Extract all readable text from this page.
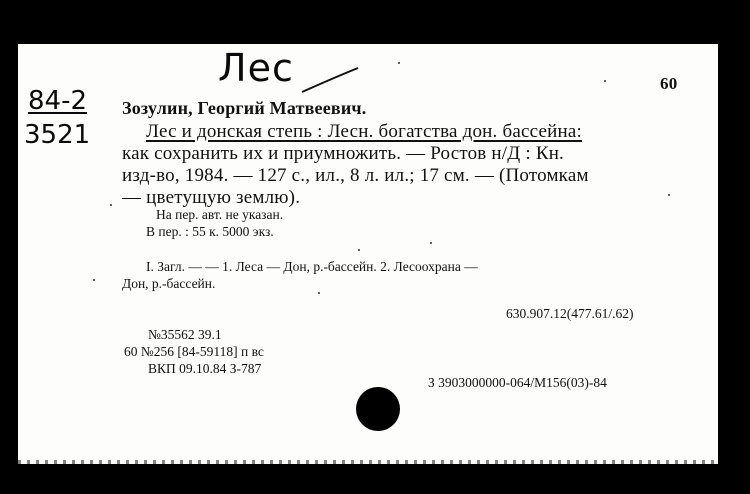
Лес
84-2
3521
60
Зозулин, Георгий Матвеевич.
Лес и донская степь : Лесн. богатства дон. бассейна:
как сохранить их и приумножить. — Ростов н/Д : Кн.
изд-во, 1984. — 127 с., ил., 8 л. ил.; 17 см. — (Потомкам
— цветущую землю).
На пер. авт. не указан.
В пер. : 55 к. 5000 экз.
I. Загл. — — 1. Леса — Дон, р.-бассейн. 2. Лесоохрана —
Дон, р.-бассейн.
630.907.12(477.61/.62)
№35562 39.1
60 №256 [84-59118] п вс
ВКП 09.10.84 З-787
З 3903000000-064/М156(03)-84
